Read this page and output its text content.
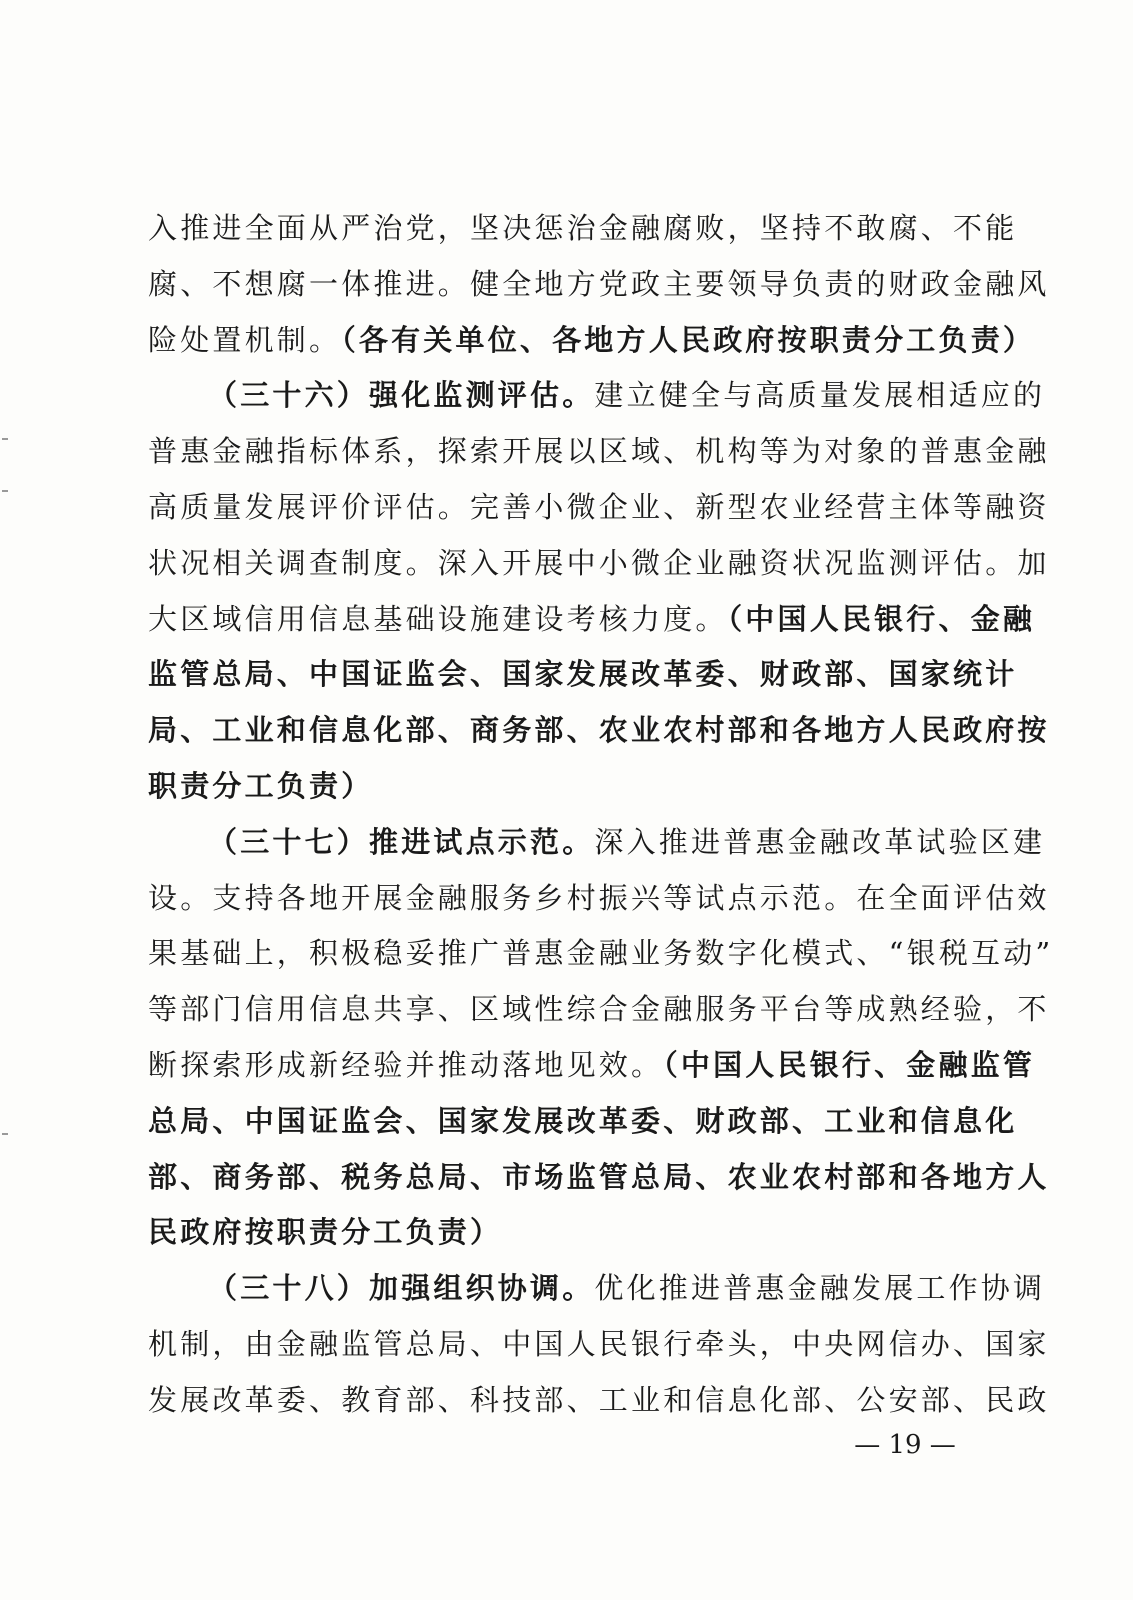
入推进全面从严治党，坚决惩治金融腐败，坚持不敢腐、不能
腐、不想腐一体推进。健全地方党政主要领导负责的财政金融风
险处置机制。（各有关单位、各地方人民政府按职责分工负责）
（三十六）强化监测评估。建立健全与高质量发展相适应的
普惠金融指标体系，探索开展以区域、机构等为对象的普惠金融
高质量发展评价评估。完善小微企业、新型农业经营主体等融资
状况相关调查制度。深入开展中小微企业融资状况监测评估。加
大区域信用信息基础设施建设考核力度。（中国人民银行、金融
监管总局、中国证监会、国家发展改革委、财政部、国家统计
局、工业和信息化部、商务部、农业农村部和各地方人民政府按
职责分工负责）
（三十七）推进试点示范。深入推进普惠金融改革试验区建
设。支持各地开展金融服务乡村振兴等试点示范。在全面评估效
果基础上，积极稳妥推广普惠金融业务数字化模式、“银税互动”
等部门信用信息共享、区域性综合金融服务平台等成熟经验，不
断探索形成新经验并推动落地见效。（中国人民银行、金融监管
总局、中国证监会、国家发展改革委、财政部、工业和信息化
部、商务部、税务总局、市场监管总局、农业农村部和各地方人
民政府按职责分工负责）
（三十八）加强组织协调。优化推进普惠金融发展工作协调
机制，由金融监管总局、中国人民银行牵头，中央网信办、国家
发展改革委、教育部、科技部、工业和信息化部、公安部、民政
— 19 —
